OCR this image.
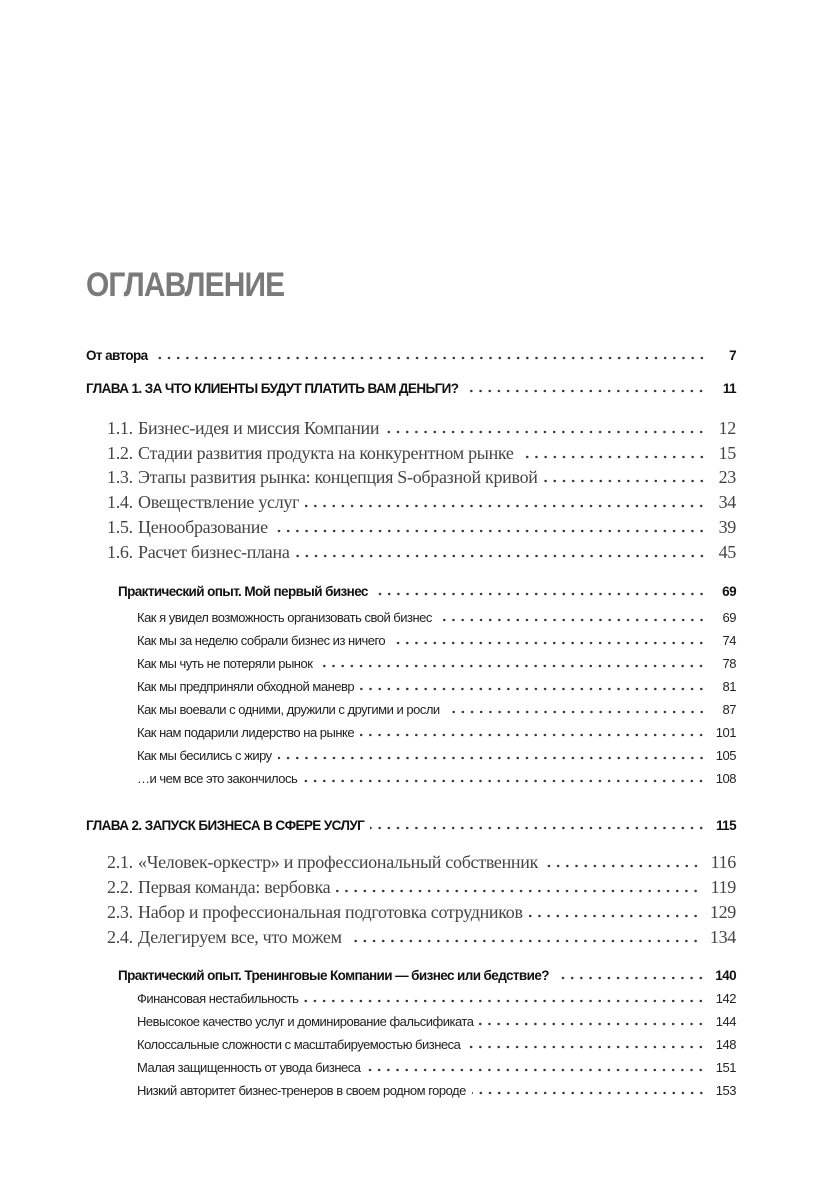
ОГЛАВЛЕНИЕ
От автора	7
ГЛАВА 1. ЗА ЧТО КЛИЕНТЫ БУДУТ ПЛАТИТЬ ВАМ ДЕНЬГИ?	11
1.1. Бизнес-идея и миссия Компании	12
1.2. Стадии развития продукта на конкурентном рынке	15
1.3. Этапы развития рынка: концепция S-образной кривой	23
1.4. Овеществление услуг	34
1.5. Ценообразование	39
1.6. Расчет бизнес-плана	45
Практический опыт. Мой первый бизнес	69
Как я увидел возможность организовать свой бизнес	69
Как мы за неделю собрали бизнес из ничего	74
Как мы чуть не потеряли рынок	78
Как мы предприняли обходной маневр	81
Как мы воевали с одними, дружили с другими и росли	87
Как нам подарили лидерство на рынке	101
Как мы бесились с жиру	105
…и чем все это закончилось	108
ГЛАВА 2. ЗАПУСК БИЗНЕСА В СФЕРЕ УСЛУГ	115
2.1. «Человек-оркестр» и профессиональный собственник	116
2.2. Первая команда: вербовка	119
2.3. Набор и профессиональная подготовка сотрудников	129
2.4. Делегируем все, что можем	134
Практический опыт. Тренинговые Компании — бизнес или бедствие?	140
Финансовая нестабильность	142
Невысокое качество услуг и доминирование фальсификата	144
Колоссальные сложности с масштабируемостью бизнеса	148
Малая защищенность от увода бизнеса	151
Низкий авторитет бизнес-тренеров в своем родном городе	153
